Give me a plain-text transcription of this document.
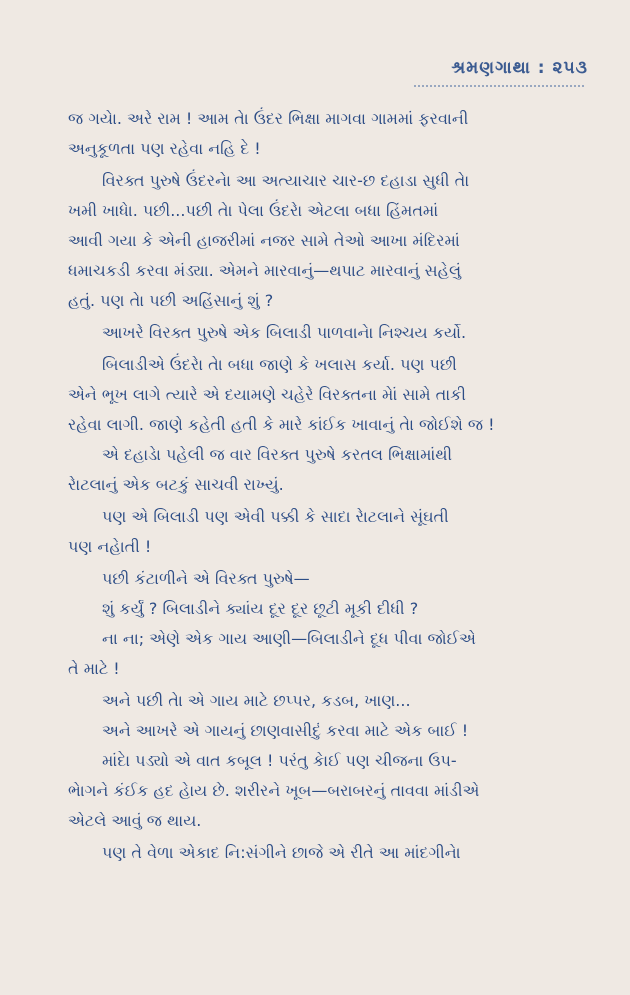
શ્રમણગાથા : ૨૫૩
જ ગયેા. અરે રામ ! આમ તેા ઉંદર ભિક્ષા માગવા ગામમાં ફરવાની
અનુકૂળતા પણ રહેવા નહિ દે !
વિરક્ત પુરુષે ઉંદરનેા આ અત્યાચાર ચાર-છ દહાડા સુધી તેા
ખમી ખાધેા. પછી...પછી તેા પેલા ઉંદરેા એટલા બધા હિંમતમાં
આવી ગયા કે એની હાજરીમાં નજર સામે તેઓ આખા મંદિરમાં
ધમાચકડી કરવા મંડ્યા. એમને મારવાનું—થપાટ મારવાનું સહેલું
હતું. પણ તેા પછી અહિંસાનું શું ?
આખરે વિરક્ત પુરુષે એક બિલાડી પાળવાનેા નિશ્ચય કર્યો.
બિલાડીએ ઉંદરેા તેા બધા જાણે કે ખલાસ કર્યા. પણ પછી
એને ભૂખ લાગે ત્યારે એ દયામણે ચહેરે વિરક્તના મેાં સામે તાકી
રહેવા લાગી. જાણે કહેતી હતી કે મારે કાંઈક ખાવાનું તેા જોઈશે જ !
એ દહાડેા પહેલી જ વાર વિરક્ત પુરુષે કરતલ ભિક્ષામાંથી
રેાટલાનું એક બટકું સાચવી રાખ્યું.
પણ એ બિલાડી પણ એવી પક્કી કે સાદા રેાટલાને સૂંઘતી
પણ નહેાતી !
પછી કંટાળીને એ વિરક્ત પુરુષે—
શું કર્યું ? બિલાડીને ક્યાંય દૂર દૂર છૂટી મૂકી દીધી ?
ના ના; એણે એક ગાય આણી—બિલાડીને દૂધ પીવા જોઈએ
તે માટે !
અને પછી તેા એ ગાય માટે છપ્પર, કડબ, ખાણ...
અને આખરે એ ગાયનું છાણવાસીદું કરવા માટે એક બાઈ !
માંદેા પડ્યો એ વાત કબૂલ ! પરંતુ કેાઈ પણ ચીજના ઉપ-
ભેાગને કંઈક હદ હેાય છે. શરીરને ખૂબ—બરાબરનું તાવવા માંડીએ
એટલે આવું જ થાય.
પણ તે વેળા એકાદ નિ:સંગીને છાજે એ રીતે આ માંદગીનેા
